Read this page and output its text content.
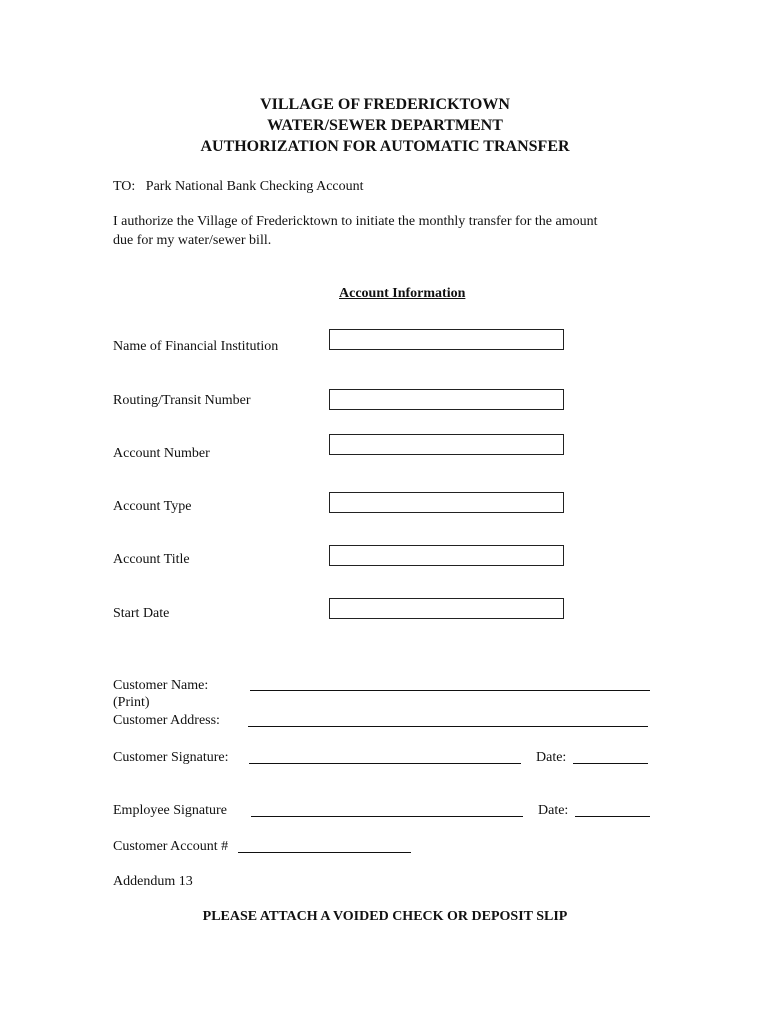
VILLAGE OF FREDERICKTOWN
WATER/SEWER DEPARTMENT
AUTHORIZATION FOR AUTOMATIC TRANSFER
TO:   Park National Bank Checking Account
I authorize the Village of Fredericktown to initiate the monthly transfer for the amount
due for my water/sewer bill.
Account Information
Name of Financial Institution
Routing/Transit Number
Account Number
Account Type
Account Title
Start Date
Customer Name:
(Print)
Customer Address:
Customer Signature:	Date:
Employee Signature	Date:
Customer Account #
Addendum 13
PLEASE ATTACH A VOIDED CHECK OR DEPOSIT SLIP
